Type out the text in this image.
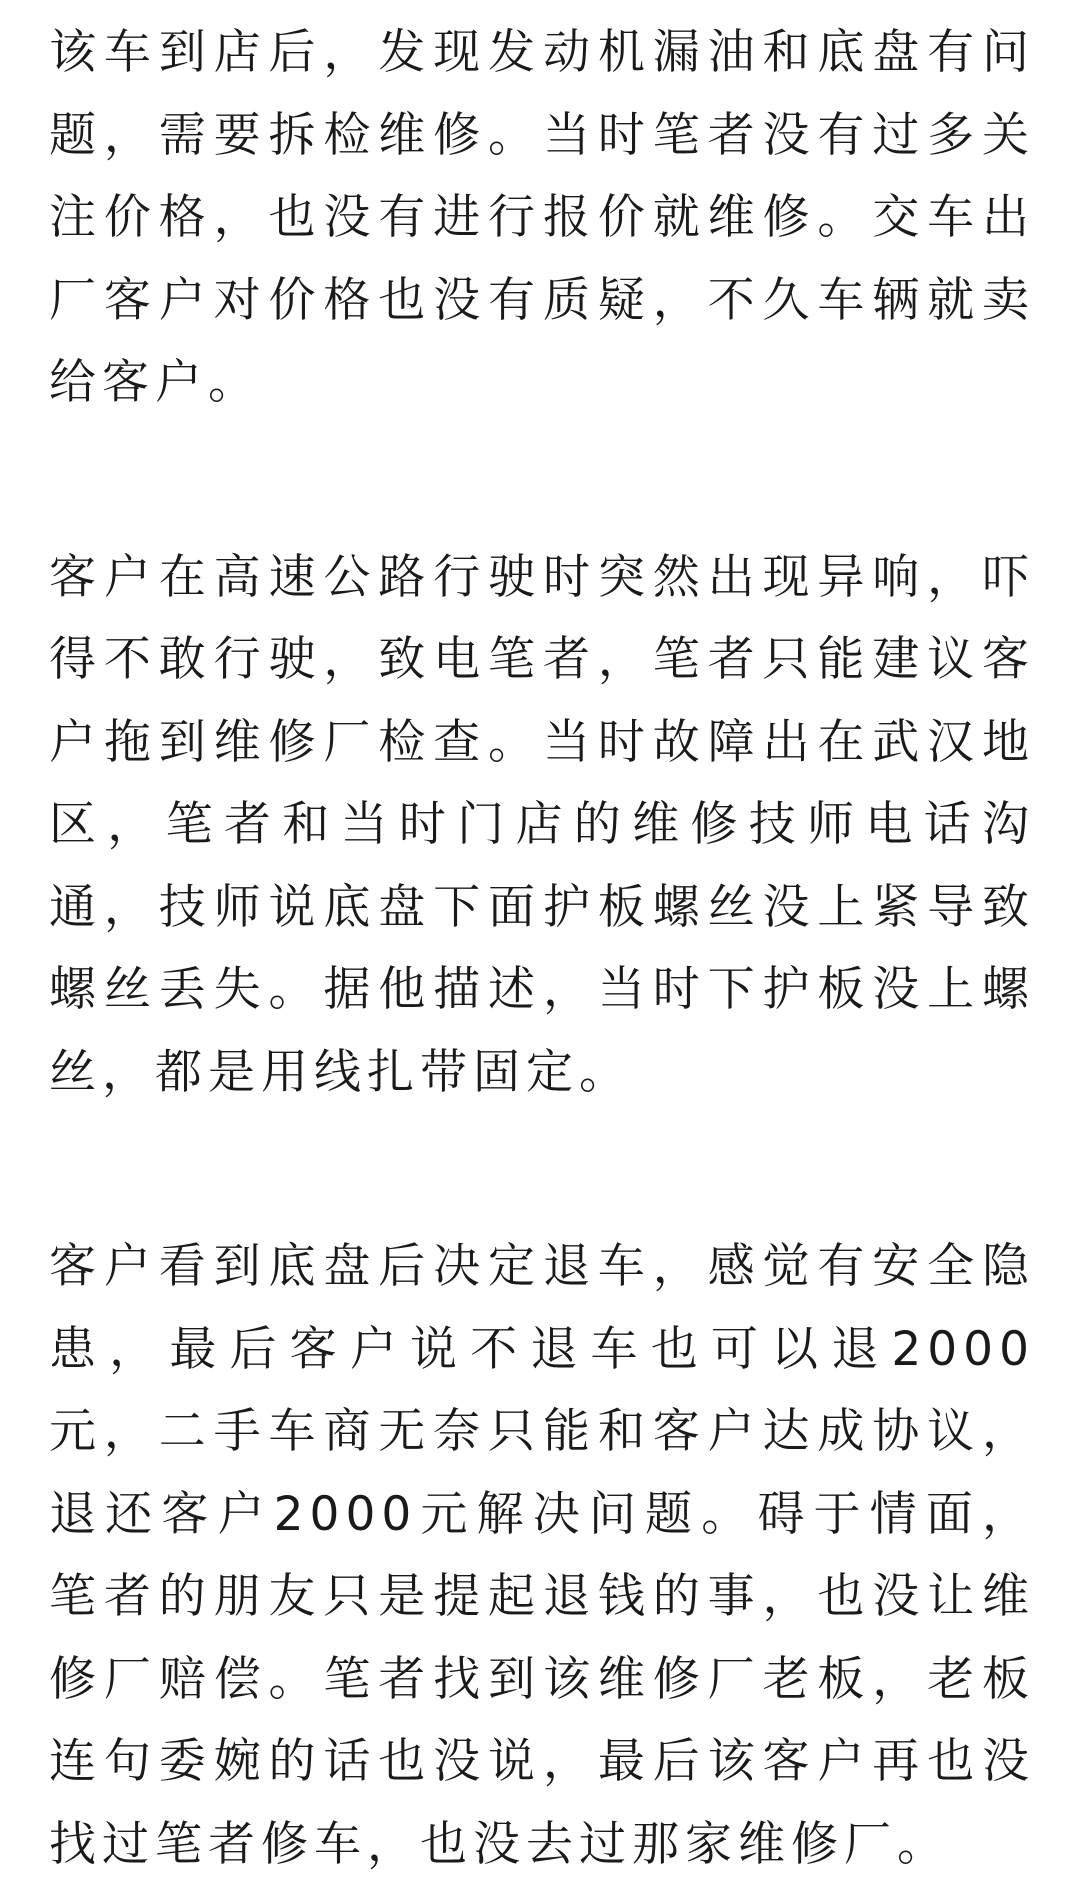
该车到店后，发现发动机漏油和底盘有问题，需要拆检维修。当时笔者没有过多关注价格，也没有进行报价就维修。交车出厂客户对价格也没有质疑，不久车辆就卖给客户。

客户在高速公路行驶时突然出现异响，吓得不敢行驶，致电笔者，笔者只能建议客户拖到维修厂检查。当时故障出在武汉地区，笔者和当时门店的维修技师电话沟通，技师说底盘下面护板螺丝没上紧导致螺丝丢失。据他描述，当时下护板没上螺丝，都是用线扎带固定。

客户看到底盘后决定退车，感觉有安全隐患，最后客户说不退车也可以退2000元，二手车商无奈只能和客户达成协议，退还客户2000元解决问题。碍于情面，笔者的朋友只是提起退钱的事，也没让维修厂赔偿。笔者找到该维修厂老板，老板连句委婉的话也没说，最后该客户再也没找过笔者修车，也没去过那家维修厂。
